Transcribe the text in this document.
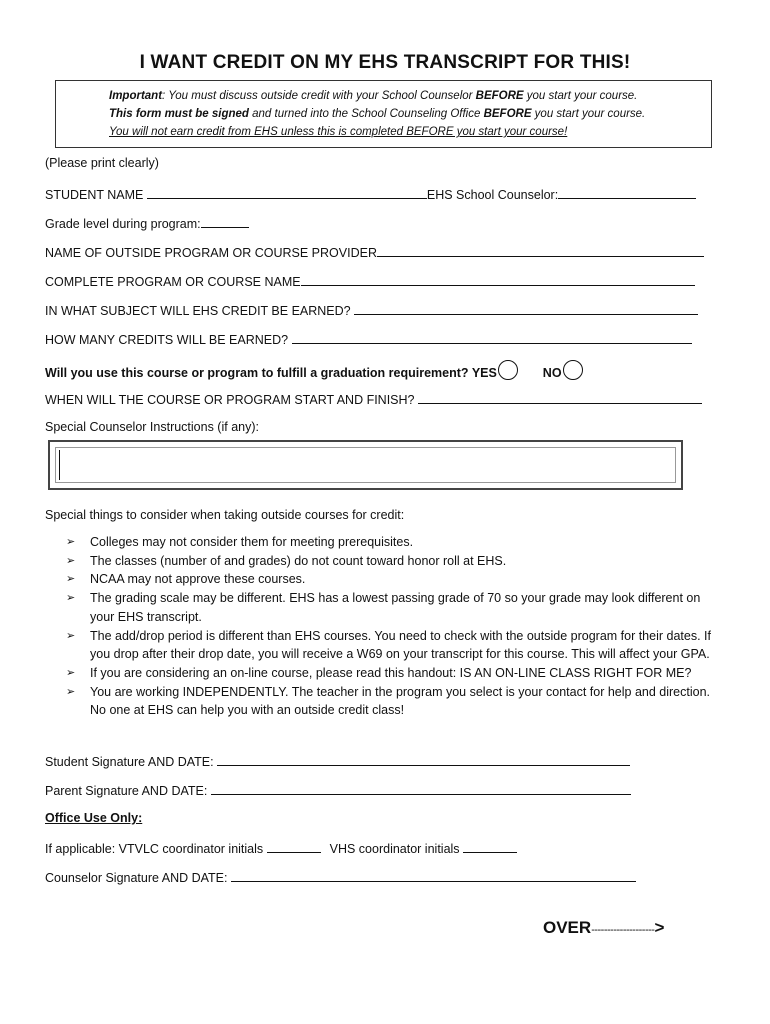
I WANT CREDIT ON MY EHS TRANSCRIPT FOR THIS!
Important: You must discuss outside credit with your School Counselor BEFORE you start your course.
This form must be signed and turned into the School Counseling Office BEFORE you start your course.
You will not earn credit from EHS unless this is completed BEFORE you start your course!
(Please print clearly)
STUDENT NAME	EHS School Counselor:
Grade level during program:
NAME OF OUTSIDE PROGRAM OR COURSE PROVIDER
COMPLETE PROGRAM OR COURSE NAME
IN WHAT SUBJECT WILL EHS CREDIT BE EARNED?
HOW MANY CREDITS WILL BE EARNED?
Will you use this course or program to fulfill a graduation requirement? YES	NO
WHEN WILL THE COURSE OR PROGRAM START AND FINISH?
Special Counselor Instructions (if any):
Special things to consider when taking outside courses for credit:
➢ Colleges may not consider them for meeting prerequisites.
➢ The classes (number of and grades) do not count toward honor roll at EHS.
➢ NCAA may not approve these courses.
➢ The grading scale may be different. EHS has a lowest passing grade of 70 so your grade may look different on your EHS transcript.
➢ The add/drop period is different than EHS courses. You need to check with the outside program for their dates. If you drop after their drop date, you will receive a W69 on your transcript for this course. This will affect your GPA.
➢ If you are considering an on-line course, please read this handout: IS AN ON-LINE CLASS RIGHT FOR ME?
➢ You are working INDEPENDENTLY. The teacher in the program you select is your contact for help and direction. No one at EHS can help you with an outside credit class!
Student Signature AND DATE:
Parent Signature AND DATE:
Office Use Only:
If applicable: VTVLC coordinator initials	VHS coordinator initials
Counselor Signature AND DATE:
OVER-------------------->
